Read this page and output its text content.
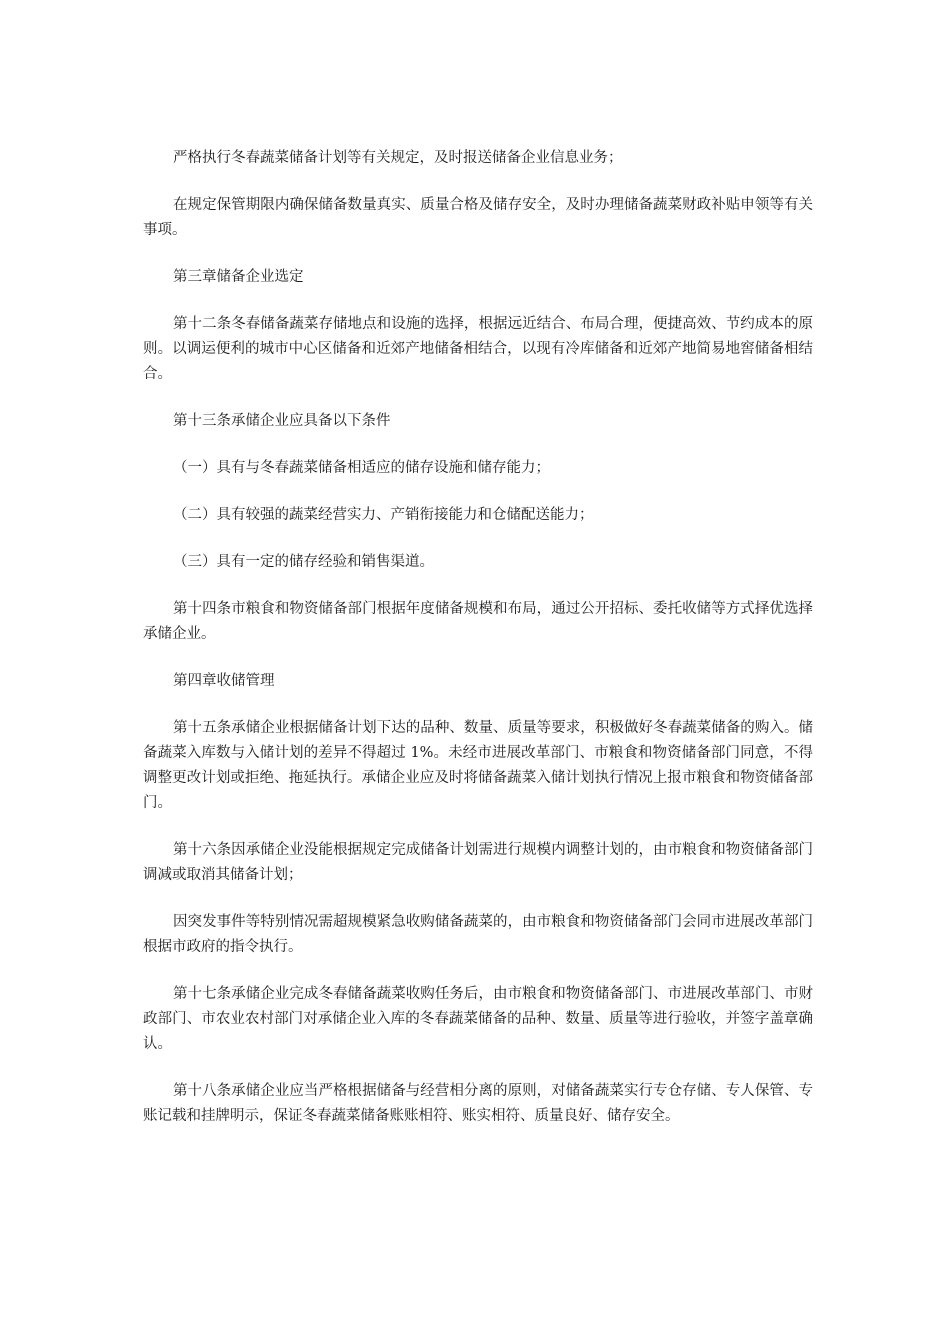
严格执行冬春蔬菜储备计划等有关规定，及时报送储备企业信息业务；

在规定保管期限内确保储备数量真实、质量合格及储存安全，及时办理储备蔬菜财政补贴申领等有关事项。

第三章储备企业选定

第十二条冬春储备蔬菜存储地点和设施的选择，根据远近结合、布局合理，便捷高效、节约成本的原则。以调运便利的城市中心区储备和近郊产地储备相结合，以现有冷库储备和近郊产地简易地窖储备相结合。

第十三条承储企业应具备以下条件

（一）具有与冬春蔬菜储备相适应的储存设施和储存能力；

（二）具有较强的蔬菜经营实力、产销衔接能力和仓储配送能力；

（三）具有一定的储存经验和销售渠道。

第十四条市粮食和物资储备部门根据年度储备规模和布局，通过公开招标、委托收储等方式择优选择承储企业。

第四章收储管理

第十五条承储企业根据储备计划下达的品种、数量、质量等要求，积极做好冬春蔬菜储备的购入。储备蔬菜入库数与入储计划的差异不得超过 1%。未经市进展改革部门、市粮食和物资储备部门同意，不得调整更改计划或拒绝、拖延执行。承储企业应及时将储备蔬菜入储计划执行情况上报市粮食和物资储备部门。

第十六条因承储企业没能根据规定完成储备计划需进行规模内调整计划的，由市粮食和物资储备部门调减或取消其储备计划；

因突发事件等特别情况需超规模紧急收购储备蔬菜的，由市粮食和物资储备部门会同市进展改革部门根据市政府的指令执行。

第十七条承储企业完成冬春储备蔬菜收购任务后，由市粮食和物资储备部门、市进展改革部门、市财政部门、市农业农村部门对承储企业入库的冬春蔬菜储备的品种、数量、质量等进行验收，并签字盖章确认。

第十八条承储企业应当严格根据储备与经营相分离的原则，对储备蔬菜实行专仓存储、专人保管、专账记载和挂牌明示，保证冬春蔬菜储备账账相符、账实相符、质量良好、储存安全。
